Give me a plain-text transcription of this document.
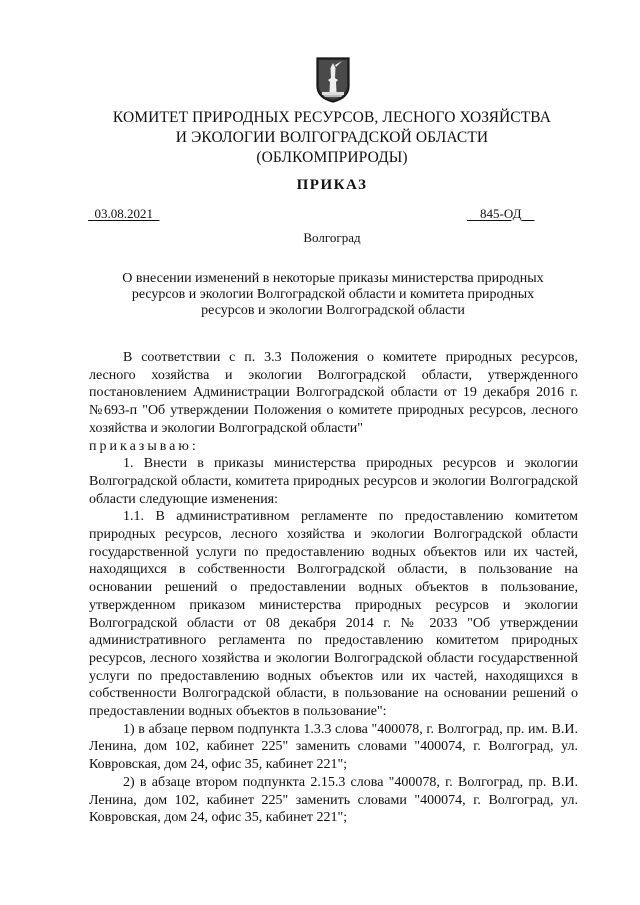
КОМИТЕТ ПРИРОДНЫХ РЕСУРСОВ, ЛЕСНОГО ХОЗЯЙСТВА
И ЭКОЛОГИИ ВОЛГОГРАДСКОЙ ОБЛАСТИ
(ОБЛКОМПРИРОДЫ)
ПРИКАЗ
03.08.2021	845-ОД
Волгоград
О внесении изменений в некоторые приказы министерства природных
ресурсов и экологии Волгоградской области и комитета природных
ресурсов и экологии Волгоградской области

В соответствии с п. 3.3 Положения о комитете природных ресурсов, лесного хозяйства и экологии Волгоградской области, утвержденного постановлением Администрации Волгоградской области от 19 декабря 2016 г. №693-п "Об утверждении Положения о комитете природных ресурсов, лесного хозяйства и экологии Волгоградской области"

приказываю:

1. Внести в приказы министерства природных ресурсов и экологии Волгоградской области, комитета природных ресурсов и экологии Волгоградской области следующие изменения:

1.1. В административном регламенте по предоставлению комитетом природных ресурсов, лесного хозяйства и экологии Волгоградской области государственной услуги по предоставлению водных объектов или их частей, находящихся в собственности Волгоградской области, в пользование на основании решений о предоставлении водных объектов в пользование, утвержденном приказом министерства природных ресурсов и экологии Волгоградской области от 08 декабря 2014 г. № 2033 "Об утверждении административного регламента по предоставлению комитетом природных ресурсов, лесного хозяйства и экологии Волгоградской области государственной услуги по предоставлению водных объектов или их частей, находящихся в собственности Волгоградской области, в пользование на основании решений о предоставлении водных объектов в пользование":

1) в абзаце первом подпункта 1.3.3 слова "400078, г. Волгоград, пр. им. В.И. Ленина, дом 102, кабинет 225" заменить словами "400074, г. Волгоград, ул. Ковровская, дом 24, офис 35, кабинет 221";

2) в абзаце втором подпункта 2.15.3 слова "400078, г. Волгоград, пр. В.И. Ленина, дом 102, кабинет 225" заменить словами "400074, г. Волгоград, ул. Ковровская, дом 24, офис 35, кабинет 221";
